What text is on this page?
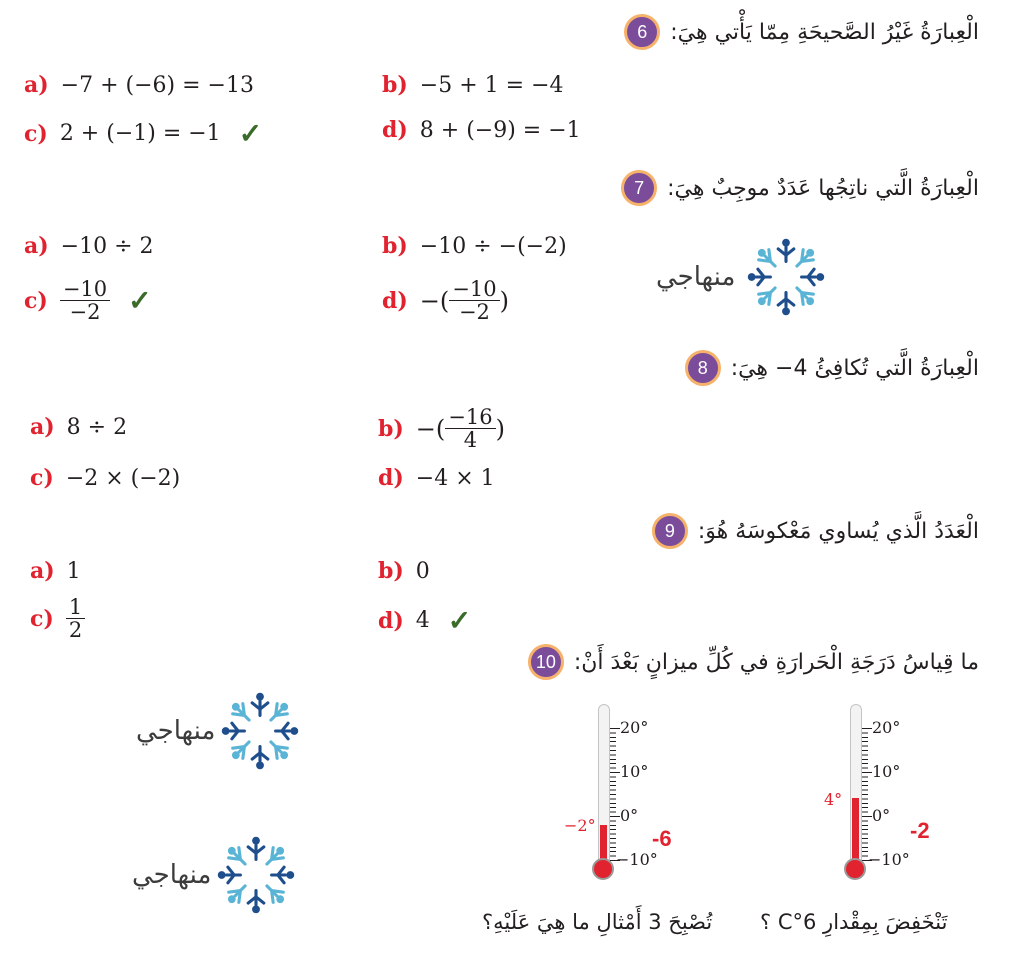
6	الْعِبارَةُ غَيْرُ الصَّحيحَةِ مِمّا يَأْتي هِيَ:
a) −7 + (−6) = −13	b) −5 + 1 = −4
c) 2 + (−1) = −1 ✓	d) 8 + (−9) = −1
7	الْعِبارَةُ الَّتي ناتِجُها عَدَدٌ موجِبٌ هِيَ:
a) −10 ÷ 2	b) −10 ÷ −(−2)
$c) \frac{-10}{-2}$ ✓	d) −( $\frac{-10}{-2}$ )
منهاجي
8	الْعِبارَةُ الَّتي تُكافِئُ 4− هِيَ:
a) 8 ÷ 2	b) −( $\frac{-16}{4}$ )
c) −2 × (−2)	d) −4 × 1
9	الْعَدَدُ الَّذي يُساوي مَعْكوسَهُ هُوَ:
a) 1	b) 0
$c) \frac{1}{2}$	d) 4 ✓
10 ما قِياسُ دَرَجَةِ الْحَرارَةِ في كُلِّ ميزانٍ بَعْدَ أَنْ:
منهاجي
منهاجي
20°
10°
0°
−10°
−2°
-6
20°
10°
0°
−10°
4°
-2
تَنْخَفِضَ بِمِقْدارِ 6°C ؟
تُصْبِحَ 3 أَمْثالِ ما هِيَ عَلَيْهِ؟
